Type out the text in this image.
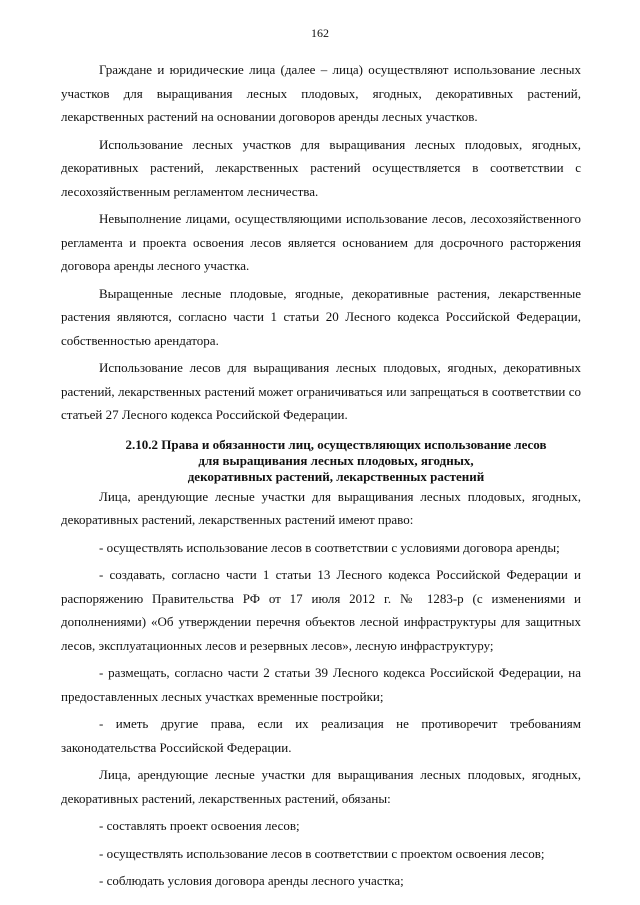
162

Граждане и юридические лица (далее – лица) осуществляют использование лесных участков для выращивания лесных плодовых, ягодных, декоративных растений, лекарственных растений на основании договоров аренды лесных участков.

Использование лесных участков для выращивания лесных плодовых, ягодных, декоративных растений, лекарственных растений осуществляется в соответствии с лесохозяйственным регламентом лесничества.

Невыполнение лицами, осуществляющими использование лесов, лесохозяйственного регламента и проекта освоения лесов является основанием для досрочного расторжения договора аренды лесного участка.

Выращенные лесные плодовые, ягодные, декоративные растения, лекарственные растения являются, согласно части 1 статьи 20 Лесного кодекса Российской Федерации, собственностью арендатора.

Использование лесов для выращивания лесных плодовых, ягодных, декоративных растений, лекарственных растений может ограничиваться или запрещаться в соответствии со статьей 27 Лесного кодекса Российской Федерации.

2.10.2 Права и обязанности лиц, осуществляющих использование лесов
для выращивания лесных плодовых, ягодных,
декоративных растений, лекарственных растений

Лица, арендующие лесные участки для выращивания лесных плодовых, ягодных, декоративных растений, лекарственных растений имеют право:

- осуществлять использование лесов в соответствии с условиями договора аренды;

- создавать, согласно части 1 статьи 13 Лесного кодекса Российской Федерации и распоряжению Правительства РФ от 17 июля 2012 г. № 1283-р (с изменениями и дополнениями) «Об утверждении перечня объектов лесной инфраструктуры для защитных лесов, эксплуатационных лесов и резервных лесов», лесную инфраструктуру;

- размещать, согласно части 2 статьи 39 Лесного кодекса Российской Федерации, на предоставленных лесных участках временные постройки;

- иметь другие права, если их реализация не противоречит требованиям законодательства Российской Федерации.

Лица, арендующие лесные участки для выращивания лесных плодовых, ягодных, декоративных растений, лекарственных растений, обязаны:

- составлять проект освоения лесов;

- осуществлять использование лесов в соответствии с проектом освоения лесов;

- соблюдать условия договора аренды лесного участка;
